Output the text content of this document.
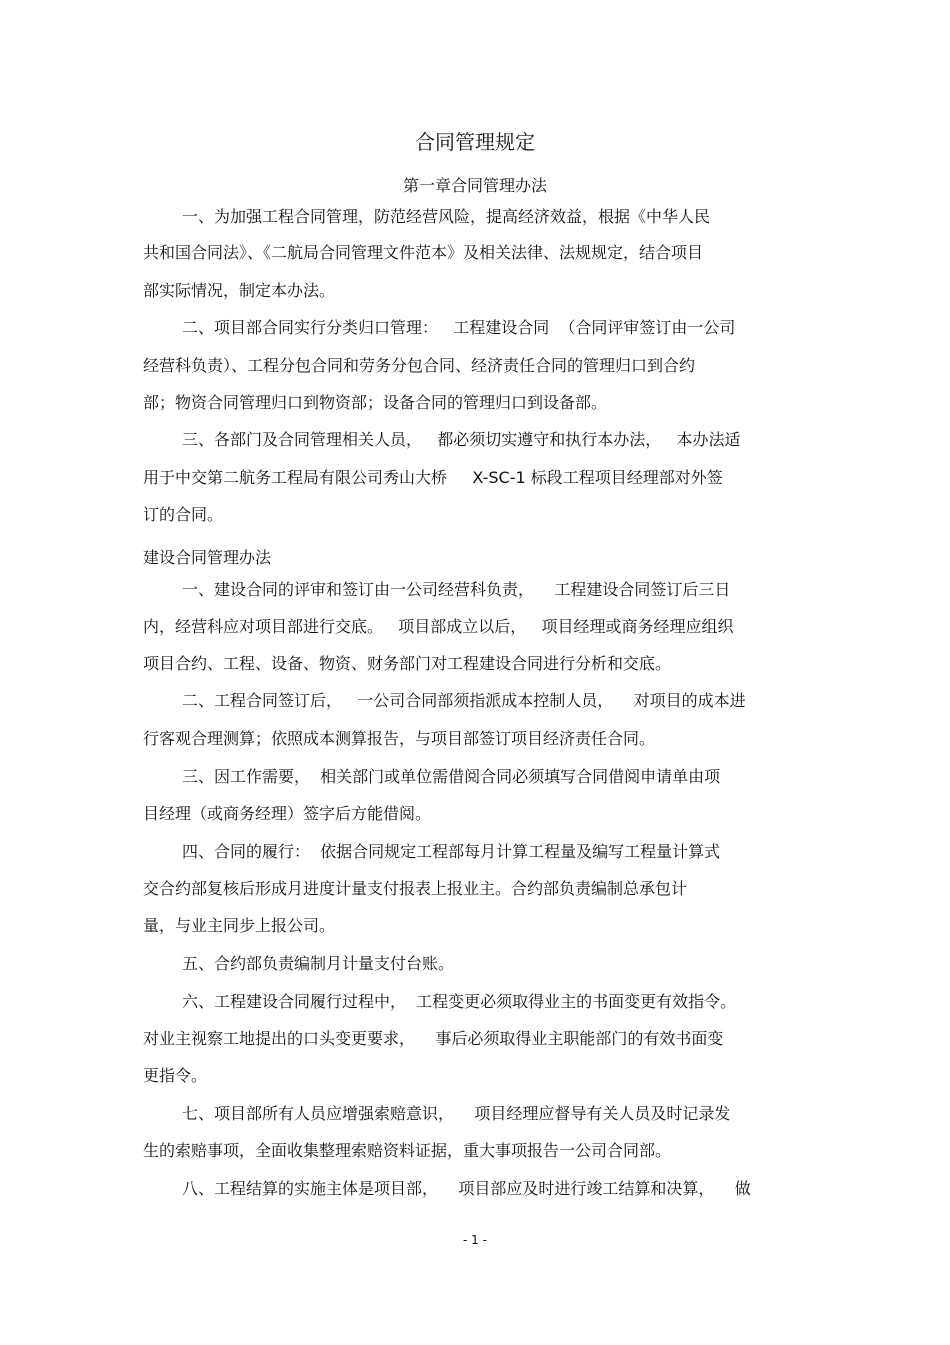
合同管理规定
第一章合同管理办法
一、为加强工程合同管理，防范经营风险，提高经济效益，根据《中华人民
共和国合同法》、《二航局合同管理文件范本》及相关法律、法规规定，结合项目
部实际情况，制定本办法。
二、项目部合同实行分类归口管理：   工程建设合同  （合同评审签订由一公司
经营科负责）、工程分包合同和劳务分包合同、经济责任合同的管理归口到合约
部；物资合同管理归口到物资部；设备合同的管理归口到设备部。
三、各部门及合同管理相关人员，   都必须切实遵守和执行本办法，   本办法适
用于中交第二航务工程局有限公司秀山大桥     X-SC-1 标段工程项目经理部对外签
订的合同。
建设合同管理办法
一、建设合同的评审和签订由一公司经营科负责，    工程建设合同签订后三日
内，经营科应对项目部进行交底。   项目部成立以后，   项目经理或商务经理应组织
项目合约、工程、设备、物资、财务部门对工程建设合同进行分析和交底。
二、工程合同签订后，   一公司合同部须指派成本控制人员，    对项目的成本进
行客观合理测算；依照成本测算报告，与项目部签订项目经济责任合同。
三、因工作需要，  相关部门或单位需借阅合同必须填写合同借阅申请单由项
目经理（或商务经理）签字后方能借阅。
四、合同的履行：  依据合同规定工程部每月计算工程量及编写工程量计算式
交合约部复核后形成月进度计量支付报表上报业主。合约部负责编制总承包计
量，与业主同步上报公司。
五、合约部负责编制月计量支付台账。
六、工程建设合同履行过程中，  工程变更必须取得业主的书面变更有效指令。
对业主视察工地提出的口头变更要求，    事后必须取得业主职能部门的有效书面变
更指令。
七、项目部所有人员应增强索赔意识，    项目经理应督导有关人员及时记录发
生的索赔事项，全面收集整理索赔资料证据，重大事项报告一公司合同部。
八、工程结算的实施主体是项目部，    项目部应及时进行竣工结算和决算，    做
- 1 -
